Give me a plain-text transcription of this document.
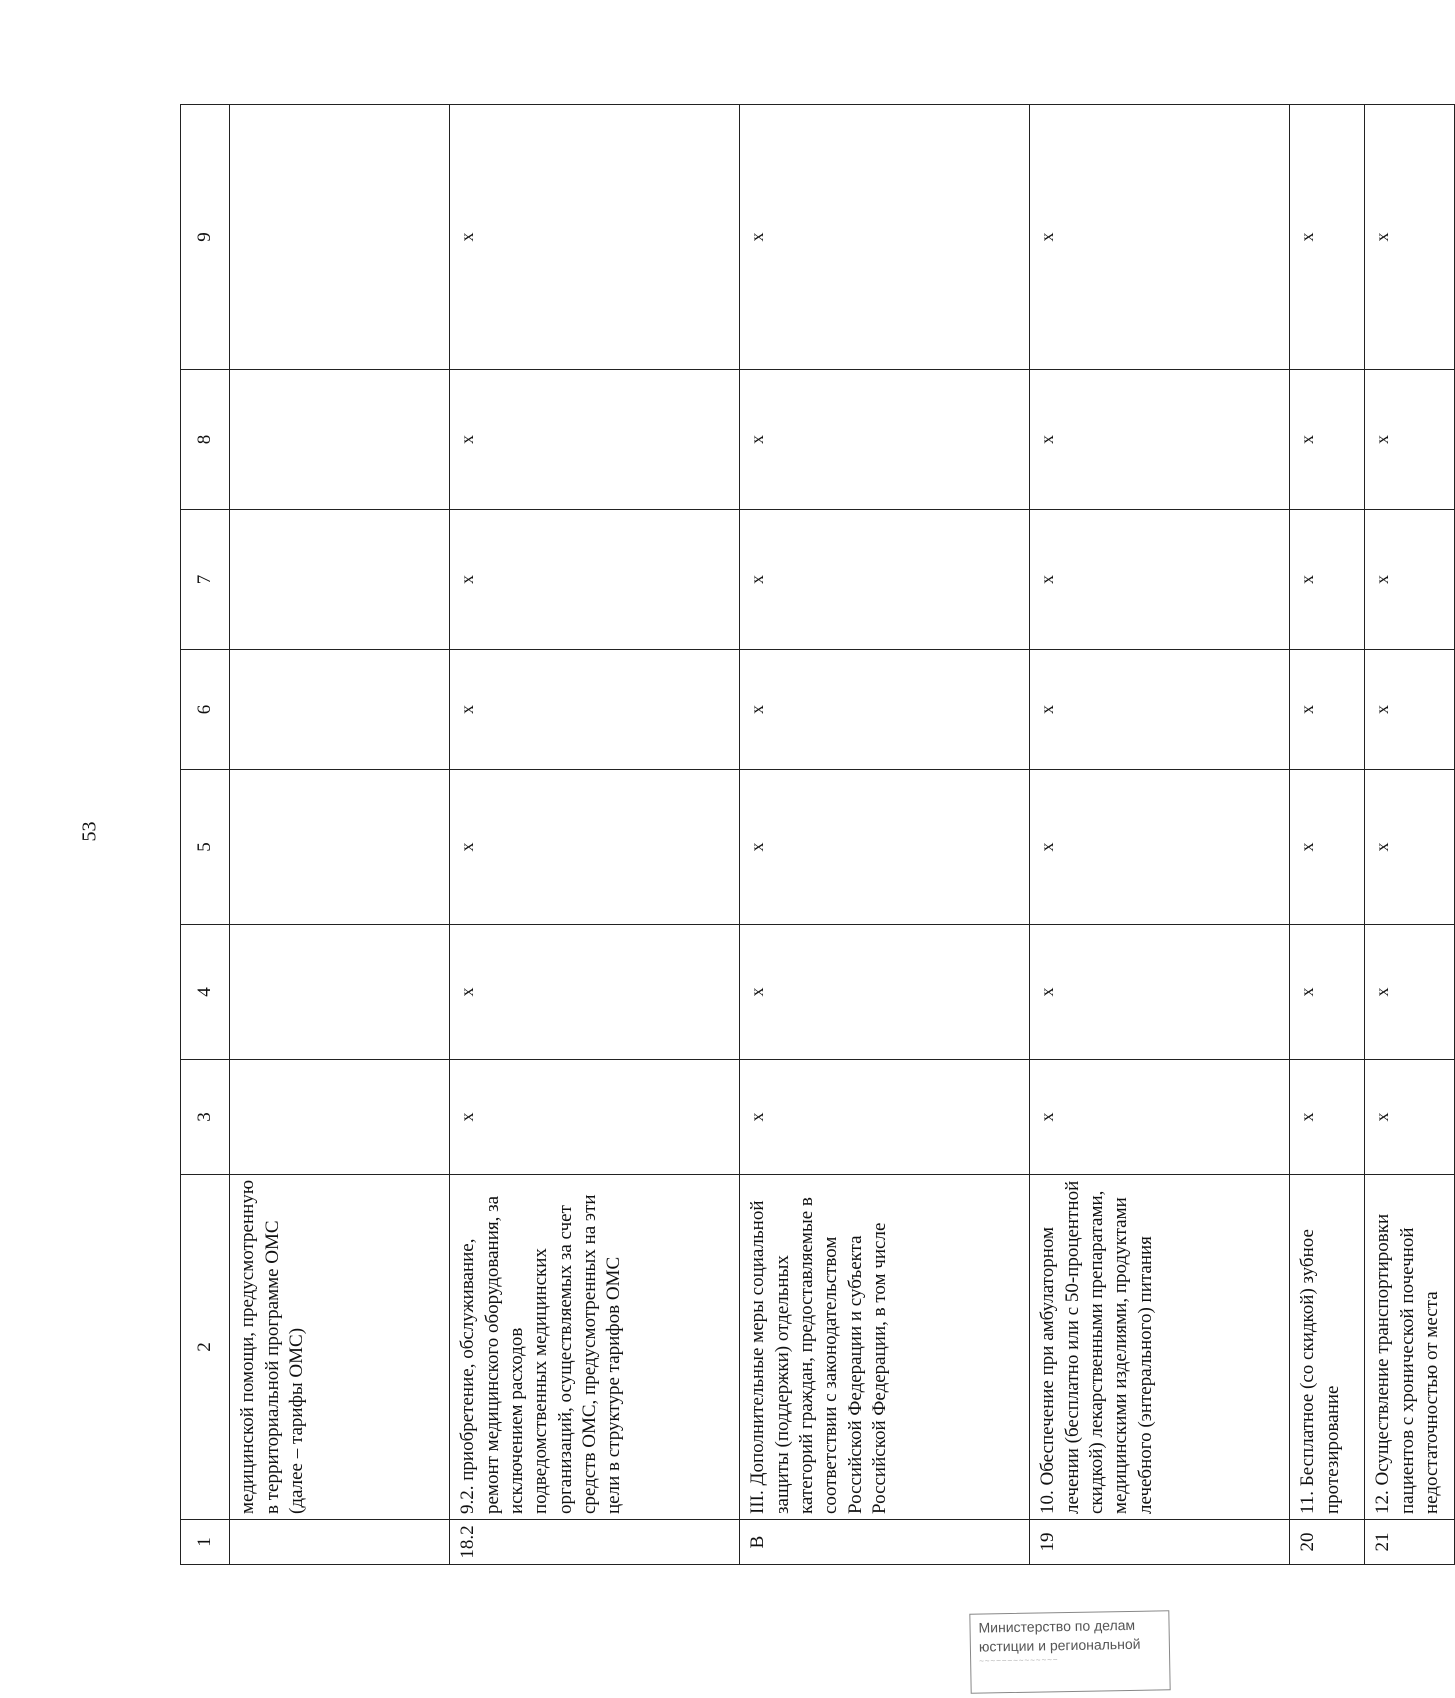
53
1	2	3	4	5	6	7	8	9
	медицинской помощи, предусмотренную в территориальной программе ОМС (далее – тарифы ОМС)							
18.2	9.2. приобретение, обслуживание, ремонт медицинского оборудования, за исключением расходов подведомственных медицинских организаций, осуществляемых за счет средств ОМС, предусмотренных на эти цели в структуре тарифов ОМС	х	х	х	х	х	х	х
В	III. Дополнительные меры социальной защиты (поддержки) отдельных категорий граждан, предоставляемые в соответствии с законодательством Российской Федерации и субъекта Российской Федерации, в том числе	х	х	х	х	х	х	х
19	10. Обеспечение при амбулаторном лечении (бесплатно или с 50-процентной скидкой) лекарственными препаратами, медицинскими изделиями, продуктами лечебного (энтерального) питания	х	х	х	х	х	х	х
20	11. Бесплатное (со скидкой) зубное протезирование	х	х	х	х	х	х	х
21	12. Осуществление транспортировки пациентов с хронической почечной недостаточностью от места	х	х	х	х	х	х	х
Министерство по делам
юстиции и региональной
~~~~~~~~~~~~~~
